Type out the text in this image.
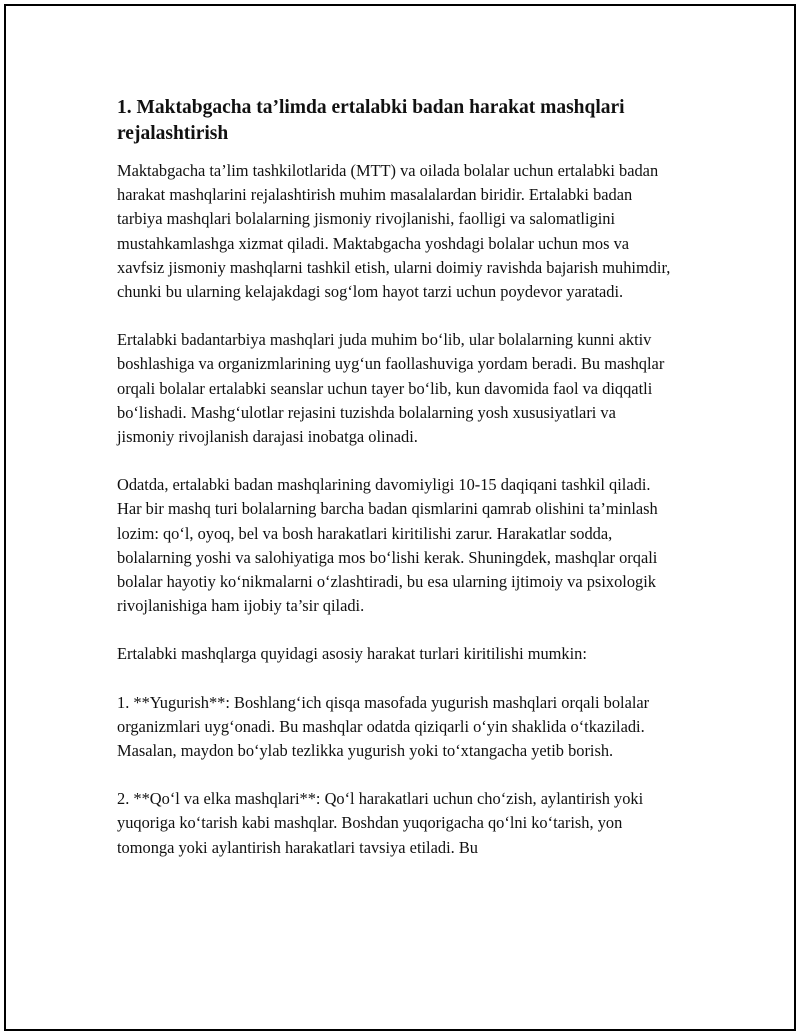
1. Maktabgacha ta’limda ertalabki badan harakat mashqlari rejalashtirish

Maktabgacha ta’lim tashkilotlarida (MTT) va oilada bolalar uchun ertalabki badan harakat mashqlarini rejalashtirish muhim masalalardan biridir. Ertalabki badan tarbiya mashqlari bolalarning jismoniy rivojlanishi, faolligi va salomatligini mustahkamlashga xizmat qiladi. Maktabgacha yoshdagi bolalar uchun mos va xavfsiz jismoniy mashqlarni tashkil etish, ularni doimiy ravishda bajarish muhimdir, chunki bu ularning kelajakdagi sog‘lom hayot tarzi uchun poydevor yaratadi.

Ertalabki badantarbiya mashqlari juda muhim bo‘lib, ular bolalarning kunni aktiv boshlashiga va organizmlarining uyg‘un faollashuviga yordam beradi. Bu mashqlar orqali bolalar ertalabki seanslar uchun tayer bo‘lib, kun davomida faol va diqqatli bo‘lishadi. Mashg‘ulotlar rejasini tuzishda bolalarning yosh xususiyatlari va jismoniy rivojlanish darajasi inobatga olinadi.

Odatda, ertalabki badan mashqlarining davomiyligi 10-15 daqiqani tashkil qiladi. Har bir mashq turi bolalarning barcha badan qismlarini qamrab olishini ta’minlash lozim: qo‘l, oyoq, bel va bosh harakatlari kiritilishi zarur. Harakatlar sodda, bolalarning yoshi va salohiyatiga mos bo‘lishi kerak. Shuningdek, mashqlar orqali bolalar hayotiy ko‘nikmalarni o‘zlashtiradi, bu esa ularning ijtimoiy va psixologik rivojlanishiga ham ijobiy ta’sir qiladi.

Ertalabki mashqlarga quyidagi asosiy harakat turlari kiritilishi mumkin:

1. **Yugurish**: Boshlang‘ich qisqa masofada yugurish mashqlari orqali bolalar organizmlari uyg‘onadi. Bu mashqlar odatda qiziqarli o‘yin shaklida o‘tkaziladi. Masalan, maydon bo‘ylab tezlikka yugurish yoki to‘xtangacha yetib borish.

2. **Qo‘l va elka mashqlari**: Qo‘l harakatlari uchun cho‘zish, aylantirish yoki yuqoriga ko‘tarish kabi mashqlar. Boshdan yuqorigacha qo‘lni ko‘tarish, yon tomonga yoki aylantirish harakatlari tavsiya etiladi. Bu
